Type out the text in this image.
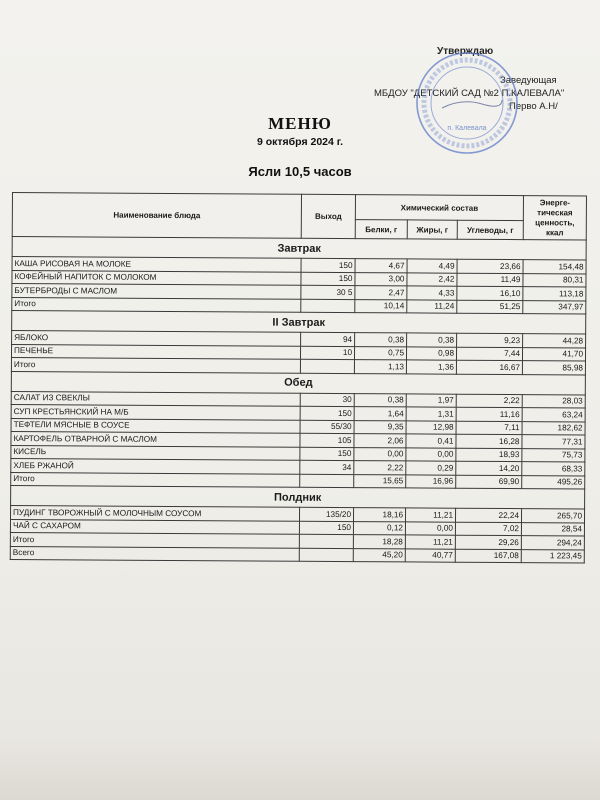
Утверждаю
Заведующая
МБДОУ "ДЕТСКИЙ САД №2 П.КАЛЕВАЛА"
Перво А.Н/
п. Калевала
МЕНЮ
9 октября 2024 г.
Ясли 10,5 часов
Наименование блюда	Выход	Химический состав			Энерге-тическая ценность, ккал
		Белки, г	Жиры, г	Углеводы, г	
Завтрак					
КАША РИСОВАЯ НА МОЛОКЕ	150	4,67	4,49	23,66	154,48
КОФЕЙНЫЙ НАПИТОК С МОЛОКОМ	150	3,00	2,42	11,49	80,31
БУТЕРБРОДЫ С МАСЛОМ	30 5	2,47	4,33	16,10	113,18
Итого		10,14	11,24	51,25	347,97
II Завтрак					
ЯБЛОКО	94	0,38	0,38	9,23	44,28
ПЕЧЕНЬЕ	10	0,75	0,98	7,44	41,70
Итого		1,13	1,36	16,67	85,98
Обед					
САЛАТ ИЗ СВЕКЛЫ	30	0,38	1,97	2,22	28,03
СУП КРЕСТЬЯНСКИЙ НА М/Б	150	1,64	1,31	11,16	63,24
ТЕФТЕЛИ МЯСНЫЕ В СОУСЕ	55/30	9,35	12,98	7,11	182,62
КАРТОФЕЛЬ ОТВАРНОЙ С МАСЛОМ	105	2,06	0,41	16,28	77,31
КИСЕЛЬ	150	0,00	0,00	18,93	75,73
ХЛЕБ РЖАНОЙ	34	2,22	0,29	14,20	68,33
Итого		15,65	16,96	69,90	495,26
Полдник					
ПУДИНГ ТВОРОЖНЫЙ С МОЛОЧНЫМ СОУСОМ	135/20	18,16	11,21	22,24	265,70
ЧАЙ С САХАРОМ	150	0,12	0,00	7,02	28,54
Итого		18,28	11,21	29,26	294,24
Всего		45,20	40,77	167,08	1 223,45
